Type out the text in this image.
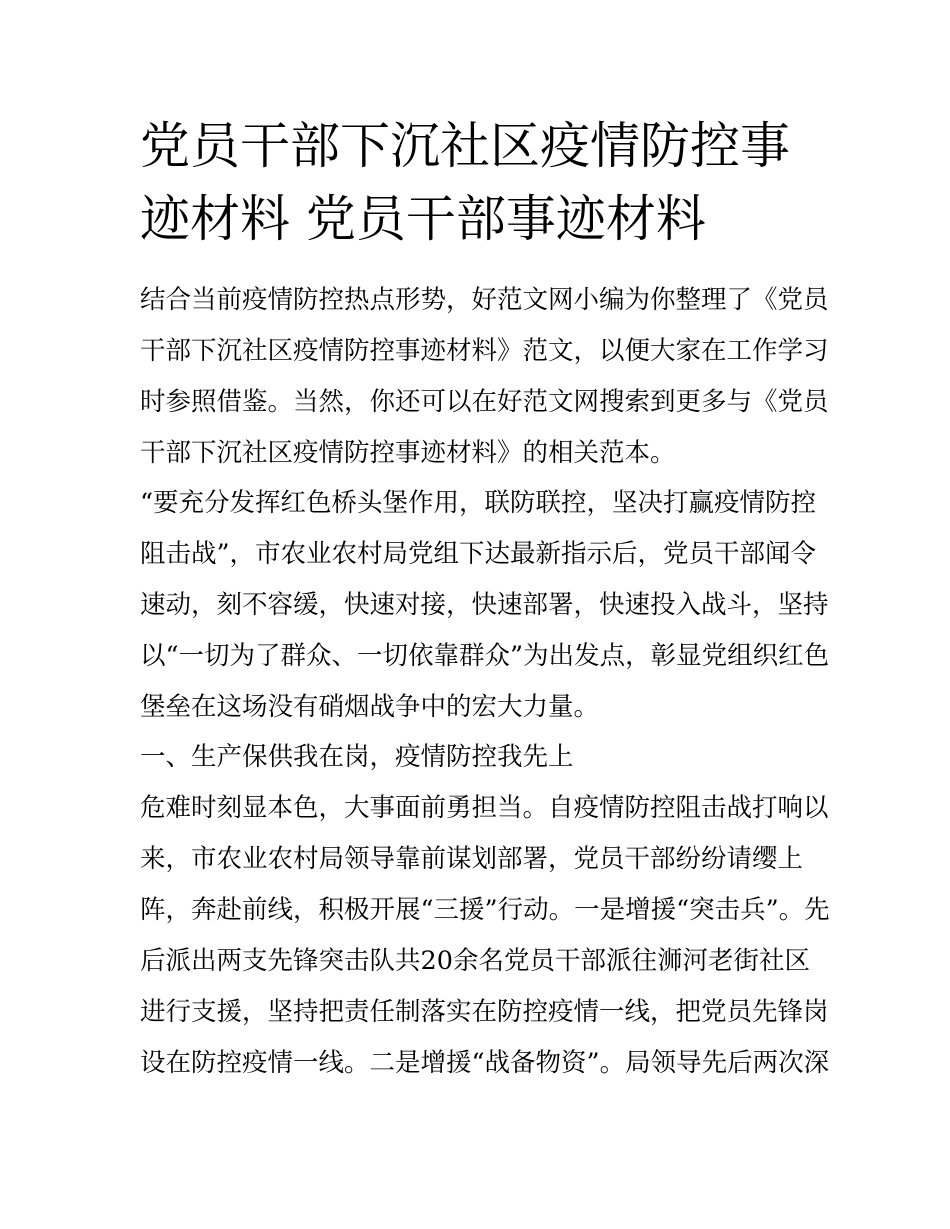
党员干部下沉社区疫情防控事
迹材料 党员干部事迹材料

结合当前疫情防控热点形势，好范文网小编为你整理了《党员

干部下沉社区疫情防控事迹材料》范文，以便大家在工作学习

时参照借鉴。当然，你还可以在好范文网搜索到更多与《党员

干部下沉社区疫情防控事迹材料》的相关范本。

“要充分发挥红色桥头堡作用，联防联控，坚决打赢疫情防控

阻击战”，市农业农村局党组下达最新指示后，党员干部闻令

速动，刻不容缓，快速对接，快速部署，快速投入战斗，坚持

以“一切为了群众、一切依靠群众”为出发点，彰显党组织红色

堡垒在这场没有硝烟战争中的宏大力量。

一、生产保供我在岗，疫情防控我先上

危难时刻显本色，大事面前勇担当。自疫情防控阻击战打响以

来，市农业农村局领导靠前谋划部署，党员干部纷纷请缨上

阵，奔赴前线，积极开展“三援”行动。一是增援“突击兵”。先

后派出两支先锋突击队共20余名党员干部派往浉河老街社区

进行支援，坚持把责任制落实在防控疫情一线，把党员先锋岗

设在防控疫情一线。二是增援“战备物资”。局领导先后两次深
